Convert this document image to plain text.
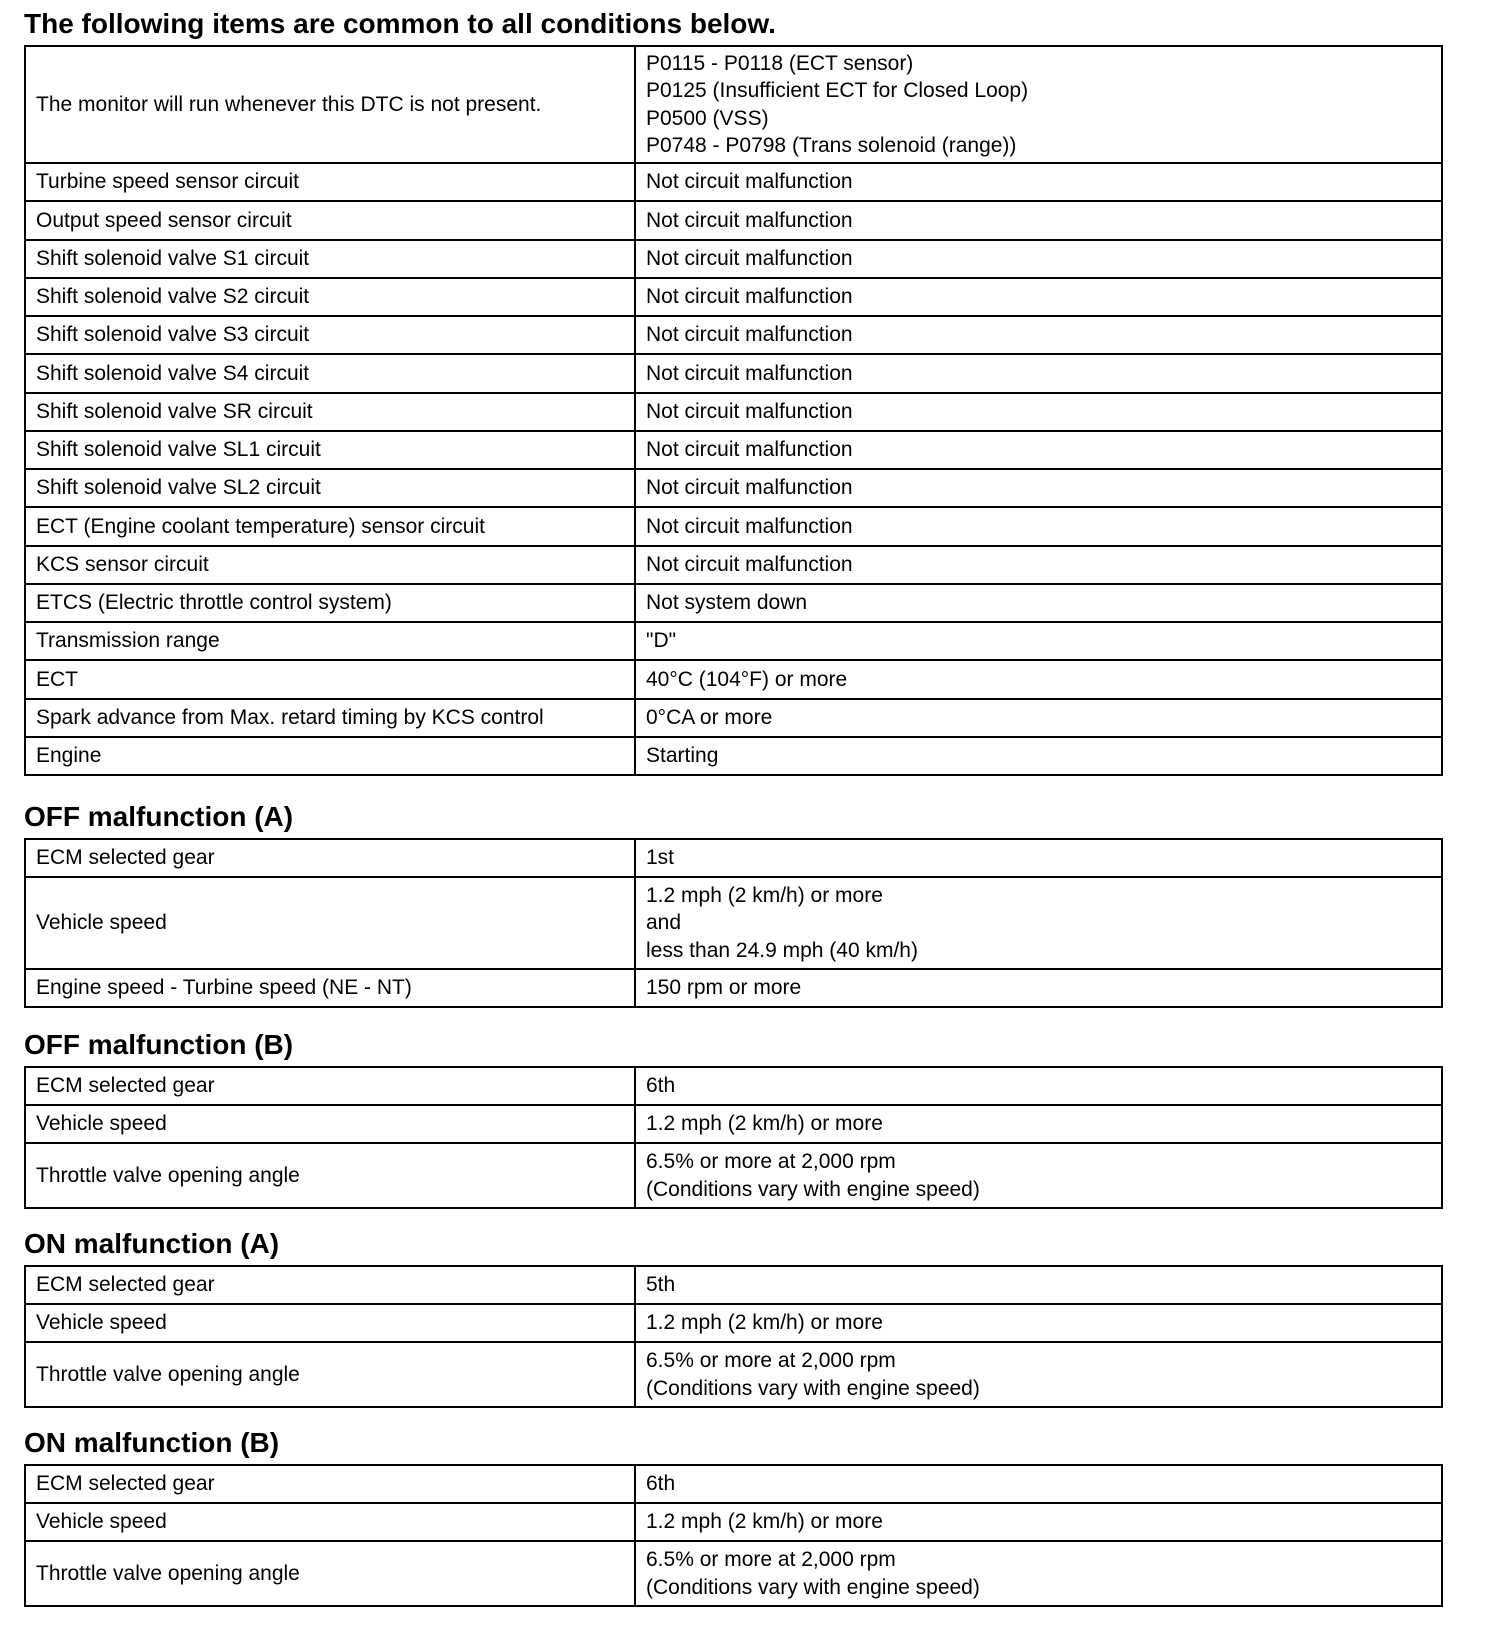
The following items are common to all conditions below.
The monitor will run whenever this DTC is not present.	P0115 - P0118 (ECT sensor)
P0125 (Insufficient ECT for Closed Loop)
P0500 (VSS)
P0748 - P0798 (Trans solenoid (range))

Turbine speed sensor circuit	Not circuit malfunction
Output speed sensor circuit	Not circuit malfunction
Shift solenoid valve S1 circuit	Not circuit malfunction
Shift solenoid valve S2 circuit	Not circuit malfunction
Shift solenoid valve S3 circuit	Not circuit malfunction
Shift solenoid valve S4 circuit	Not circuit malfunction
Shift solenoid valve SR circuit	Not circuit malfunction
Shift solenoid valve SL1 circuit	Not circuit malfunction
Shift solenoid valve SL2 circuit	Not circuit malfunction
ECT (Engine coolant temperature) sensor circuit	Not circuit malfunction
KCS sensor circuit	Not circuit malfunction
ETCS (Electric throttle control system)	Not system down
Transmission range	"D"
ECT	40°C (104°F) or more
Spark advance from Max. retard timing by KCS control	0°CA or more
Engine	Starting
OFF malfunction (A)
ECM selected gear	1st
Vehicle speed	1.2 mph (2 km/h) or more
and
less than 24.9 mph (40 km/h)

Engine speed - Turbine speed (NE - NT)	150 rpm or more
OFF malfunction (B)
ECM selected gear	6th
Vehicle speed	1.2 mph (2 km/h) or more
Throttle valve opening angle	6.5% or more at 2,000 rpm
(Conditions vary with engine speed)
ON malfunction (A)
ECM selected gear	5th
Vehicle speed	1.2 mph (2 km/h) or more
Throttle valve opening angle	6.5% or more at 2,000 rpm
(Conditions vary with engine speed)
ON malfunction (B)
ECM selected gear	6th
Vehicle speed	1.2 mph (2 km/h) or more
Throttle valve opening angle	6.5% or more at 2,000 rpm
(Conditions vary with engine speed)
